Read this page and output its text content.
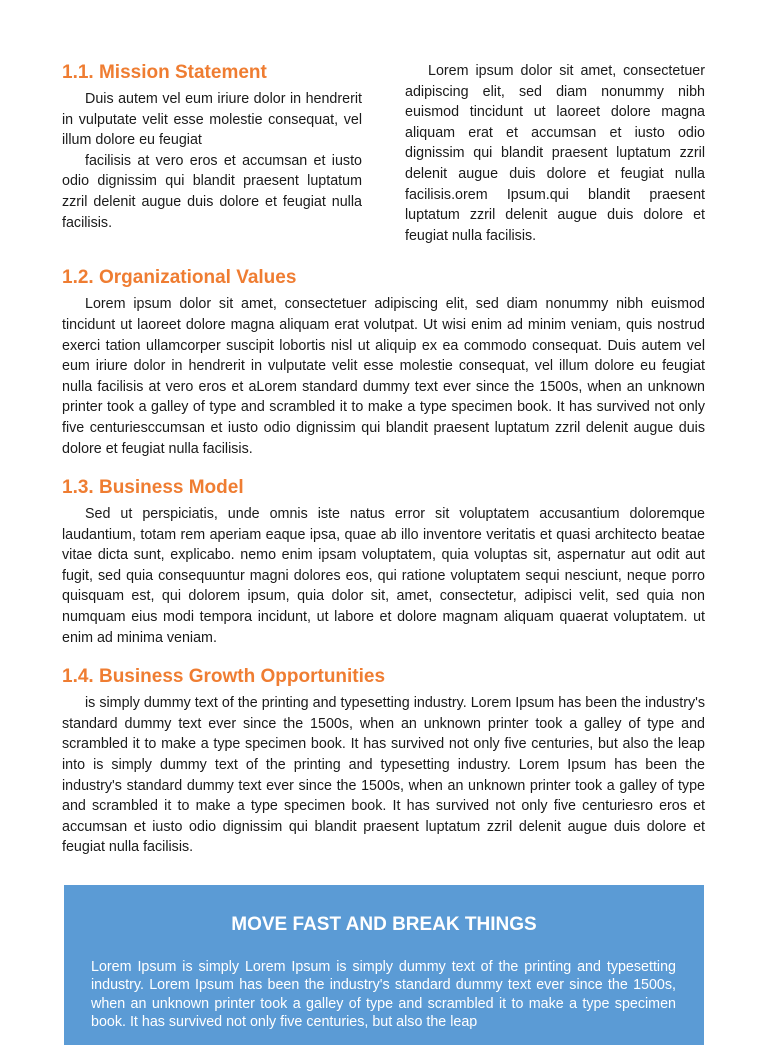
1.1. Mission Statement

Duis autem vel eum iriure dolor in hendrerit in vulputate velit esse molestie consequat, vel illum dolore eu feugiat

facilisis at vero eros et accumsan et iusto odio dignissim qui blandit praesent luptatum zzril delenit augue duis dolore et feugiat nulla facilisis.

Lorem ipsum dolor sit amet, consectetuer adipiscing elit, sed diam nonummy nibh euismod tincidunt ut laoreet dolore magna aliquam erat et accumsan et iusto odio dignissim qui blandit praesent luptatum zzril delenit augue duis dolore et feugiat nulla facilisis.orem Ipsum.qui blandit praesent luptatum zzril delenit augue duis dolore et feugiat nulla facilisis.

1.2. Organizational Values

Lorem ipsum dolor sit amet, consectetuer adipiscing elit, sed diam nonummy nibh euismod tincidunt ut laoreet dolore magna aliquam erat volutpat. Ut wisi enim ad minim veniam, quis nostrud exerci tation ullamcorper suscipit lobortis nisl ut aliquip ex ea commodo consequat. Duis autem vel eum iriure dolor in hendrerit in vulputate velit esse molestie consequat, vel illum dolore eu feugiat nulla facilisis at vero eros et aLorem standard dummy text ever since the 1500s, when an unknown printer took a galley of type and scrambled it to make a type specimen book. It has survived not only five centuriesccumsan et iusto odio dignissim qui blandit praesent luptatum zzril delenit augue duis dolore et feugiat nulla facilisis.

1.3. Business Model

Sed ut perspiciatis, unde omnis iste natus error sit voluptatem accusantium doloremque laudantium, totam rem aperiam eaque ipsa, quae ab illo inventore veritatis et quasi architecto beatae vitae dicta sunt, explicabo. nemo enim ipsam voluptatem, quia voluptas sit, aspernatur aut odit aut fugit, sed quia consequuntur magni dolores eos, qui ratione voluptatem sequi nesciunt, neque porro quisquam est, qui dolorem ipsum, quia dolor sit, amet, consectetur, adipisci velit, sed quia non numquam eius modi tempora incidunt, ut labore et dolore magnam aliquam quaerat voluptatem. ut enim ad minima veniam.

1.4. Business Growth Opportunities

is simply dummy text of the printing and typesetting industry. Lorem Ipsum has been the industry's standard dummy text ever since the 1500s, when an unknown printer took a galley of type and scrambled it to make a type specimen book. It has survived not only five centuries, but also the leap into is simply dummy text of the printing and typesetting industry. Lorem Ipsum has been the industry's standard dummy text ever since the 1500s, when an unknown printer took a galley of type and scrambled it to make a type specimen book. It has survived not only five centuriesro eros et accumsan et iusto odio dignissim qui blandit praesent luptatum zzril delenit augue duis dolore et feugiat nulla facilisis.

MOVE FAST AND BREAK THINGS

Lorem Ipsum is simply Lorem Ipsum is simply dummy text of the printing and typesetting industry. Lorem Ipsum has been the industry's standard dummy text ever since the 1500s, when an unknown printer took a galley of type and scrambled it to make a type specimen book. It has survived not only five centuries, but also the leap
